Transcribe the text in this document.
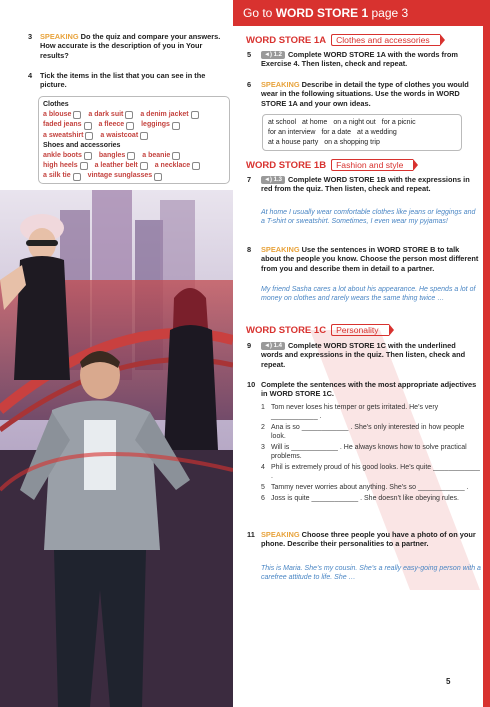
3	SPEAKING Do the quiz and compare your answers. How accurate is the description of you in Your results?
4	Tick the items in the list that you can see in the picture.
Clothes
a blouse
a dark suit
a denim jacket
faded jeans
a fleece
leggings
a sweatshirt
a waistcoat
Shoes and accessories
ankle boots
bangles
a beanie
high heels
a leather belt
a necklace
a silk tie
vintage sunglasses
Go to WORD STORE 1 page 3
WORD STORE 1A	Clothes and accessories
5	◄) 1.2 Complete WORD STORE 1A with the words from Exercise 4. Then listen, check and repeat.
6	SPEAKING Describe in detail the type of clothes you would wear in the following situations. Use the words in WORD STORE 1A and your own ideas.
at school at home on a night out for a picnic
for an interview for a date at a wedding
at a house party on a shopping trip
WORD STORE 1B	Fashion and style
7	◄) 1.3 Complete WORD STORE 1B with the expressions in red from the quiz. Then listen, check and repeat.
At home I usually wear comfortable clothes like jeans or leggings and a T-shirt or sweatshirt. Sometimes, I even wear my pyjamas!
8	SPEAKING Use the sentences in WORD STORE B to talk about the people you know. Choose the person most different from you and describe them in detail to a partner.
My friend Sasha cares a lot about his appearance. He spends a lot of money on clothes and rarely wears the same thing twice …
WORD STORE 1C	Personality
9	◄) 1.4 Complete WORD STORE 1C with the underlined words and expressions in the quiz. Then listen, check and repeat.
10 Complete the sentences with the most appropriate adjectives in WORD STORE 1C.
1 Tom never loses his temper or gets irritated. He’s very ____________ .
2 Ana is so ____________ . She’s only interested in how people look.
3 Will is ____________ . He always knows how to solve practical problems.
4 Phil is extremely proud of his good looks. He’s quite ____________ .
5 Tammy never worries about anything. She’s so ____________ .
6 Joss is quite ____________ . She doesn’t like obeying rules.
11 SPEAKING Choose three people you have a photo of on your phone. Describe their personalities to a partner.
This is Maria. She’s my cousin. She’s a really easy-going person with a carefree attitude to life. She …
5
